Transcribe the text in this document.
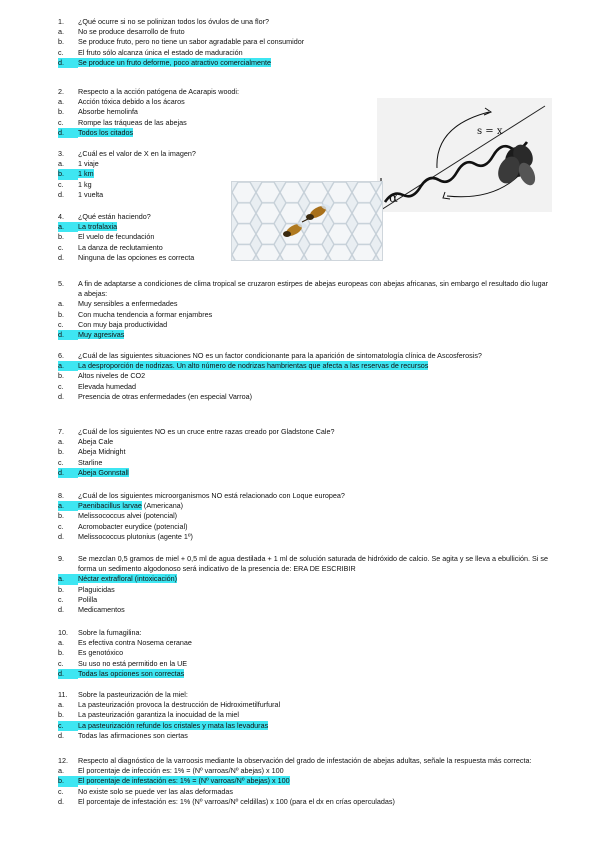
s = x
α
1.	¿Qué ocurre si no se polinizan todos los óvulos de una flor?
a.	No se produce desarrollo de fruto
b.	Se produce fruto, pero no tiene un sabor agradable para el consumidor
c.	El fruto sólo alcanza única el estado de maduración
d.	Se produce un fruto deforme, poco atractivo comercialmente
2.	Respecto a la acción patógena de Acarapis woodi:
a.	Acción tóxica debido a los ácaros
b.	Absorbe hemolinfa
c.	Rompe las tráqueas de las abejas
d.	Todos los citados
3.	¿Cuál es el valor de X en la imagen?
a.	1 viaje
b.	1 km
c.	1 kg
d.	1 vuelta
4.	¿Qué están haciendo?
a.	La trofalaxia
b.	El vuelo de fecundación
c.	La danza de reclutamiento
d.	Ninguna de las opciones es correcta
5.	A fin de adaptarse a condiciones de clima tropical se cruzaron estirpes de abejas europeas con abejas africanas, sin embargo el resultado dio lugar a abejas:
a.	Muy sensibles a enfermedades
b.	Con mucha tendencia a formar enjambres
c.	Con muy baja productividad
d.	Muy agresivas
6.	¿Cuál de las siguientes situaciones NO es un factor condicionante para la aparición de sintomatología clínica de Ascosferosis?
a.	La desproporción de nodrizas. Un alto número de nodrizas hambrientas que afecta a las reservas de recursos
b.	Altos niveles de CO2
c.	Elevada humedad
d.	Presencia de otras enfermedades (en especial Varroa)
7.	¿Cuál de los siguientes NO es un cruce entre razas creado por Gladstone Cale?
a.	Abeja Cale
b.	Abeja Midnight
c.	Starline
d.	Abeja Gonnstall
8.	¿Cuál de los siguientes microorganismos NO está relacionado con Loque europea?
a.	Paenibacillus larvae (Americana)
b.	Melissococcus alvei (potencial)
c.	Acromobacter eurydice (potencial)
d.	Melissococcus plutonius (agente 1º)
9.	Se mezclan 0,5 gramos de miel + 0,5 ml de agua destilada + 1 ml de solución saturada de hidróxido de calcio. Se agita y se lleva a ebullición. Si se forma un sedimento algodonoso será indicativo de la presencia de: ERA DE ESCRIBIR
a.	Néctar extrafloral (intoxicación)
b.	Plaguicidas
c.	Polilla
d.	Medicamentos
10.	Sobre la fumagilina:
a.	Es efectiva contra Nosema ceranae
b.	Es genotóxico
c.	Su uso no está permitido en la UE
d.	Todas las opciones son correctas
11.	Sobre la pasteurización de la miel:
a.	La pasteurización provoca la destrucción de Hidroximetilfurfural
b.	La pasteurización garantiza la inocuidad de la miel
c.	La pasteurización refunde los cristales y mata las levaduras
d.	Todas las afirmaciones son ciertas
12.	Respecto al diagnóstico de la varroosis mediante la observación del grado de infestación de abejas adultas, señale la respuesta más correcta:
a.	El porcentaje de infección es: 1% = (Nº varroas/Nº abejas) x 100
b.	El porcentaje de infestación es: 1% = (Nº varroas/Nº abejas) x 100
c.	No existe solo se puede ver las alas deformadas
d.	El porcentaje de infestación es: 1% (Nº varroas/Nº celdillas) x 100 (para el dx en crías operculadas)
